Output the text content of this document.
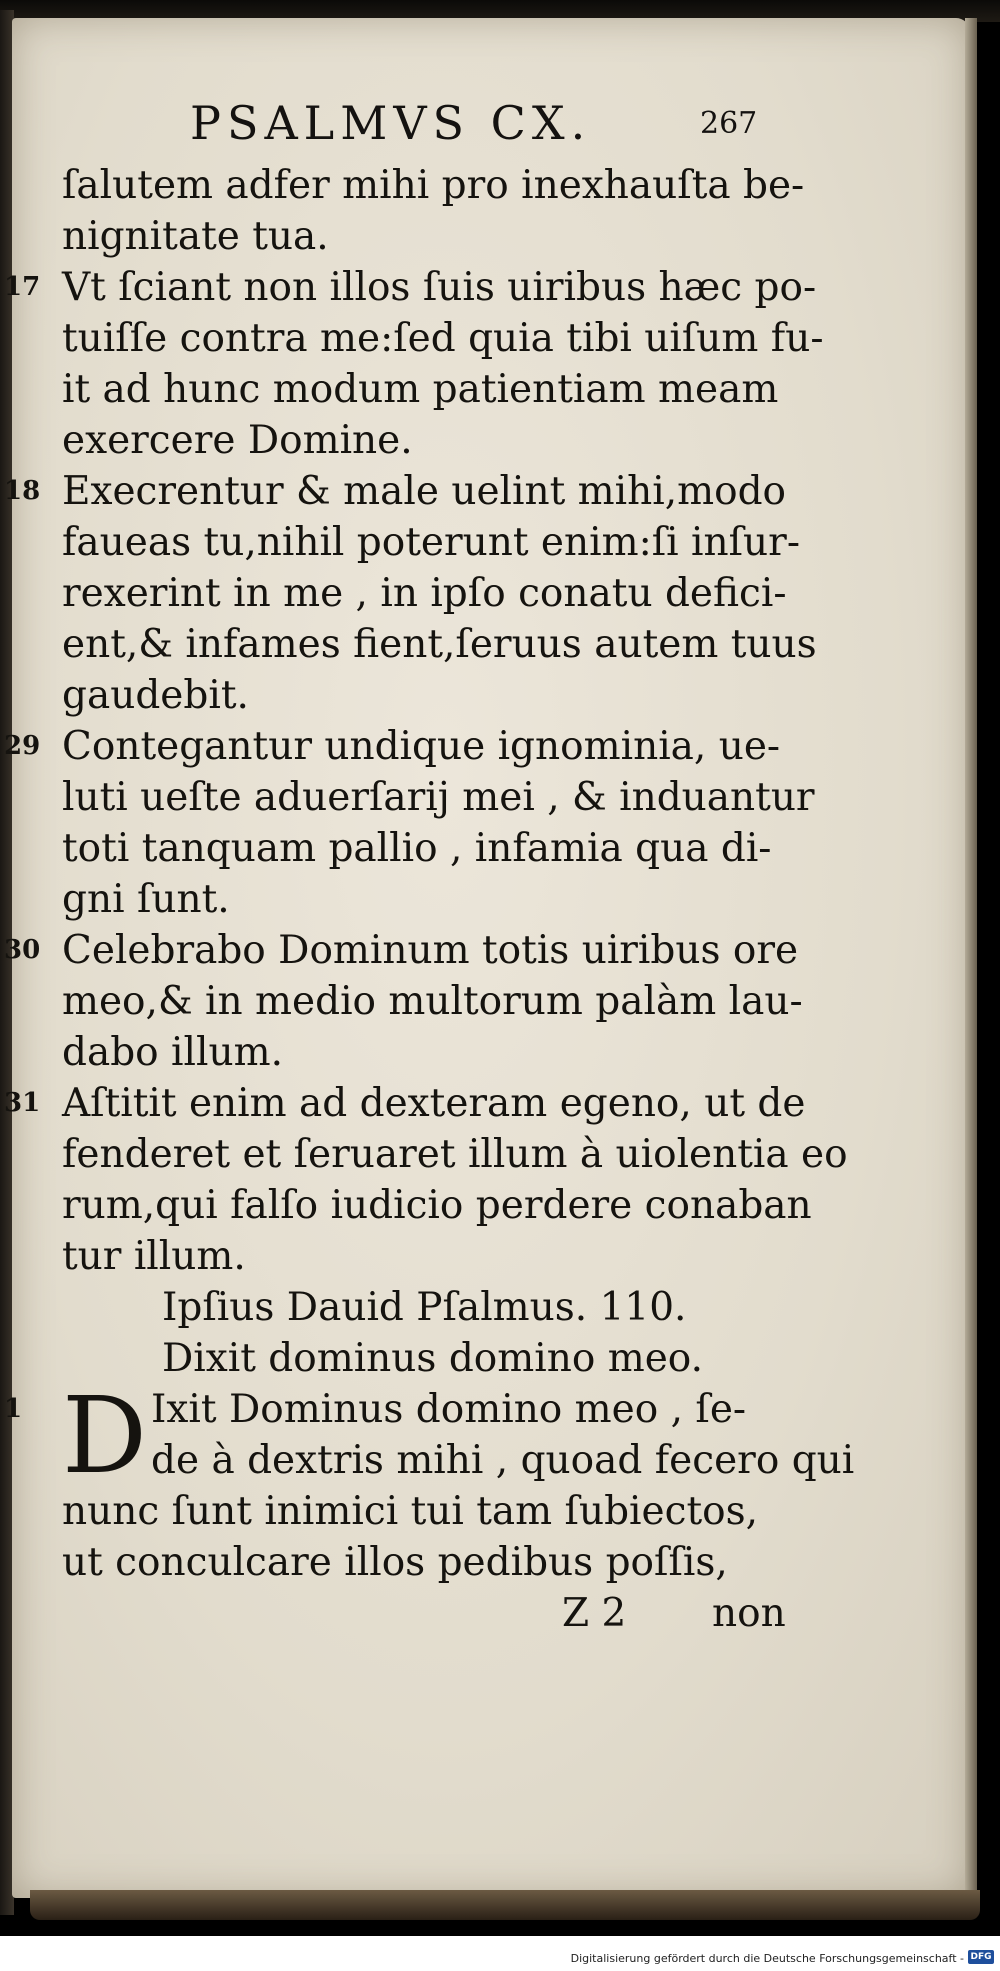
PSALMVS CX.	267
ſalutem adfer mihi pro inexhauſta be-
nignitate tua.
17 Vt ſciant non illos ſuis uiribus hæc po-
tuiſſe contra me:ſed quia tibi uiſum fu-
it ad hunc modum patientiam meam
exercere Domine.
18 Execrentur & male uelint mihi,modo
faueas tu,nihil poterunt enim:ſi inſur-
rexerint in me , in ipſo conatu defici-
ent,& infames fient,ſeruus autem tuus
gaudebit.
29 Contegantur undique ignominia, ue-
luti ueſte aduerſarij mei , & induantur
toti tanquam pallio , infamia qua di-
gni ſunt.
30 Celebrabo Dominum totis uiribus ore
meo,& in medio multorum palàm lau-
dabo illum.
31 Aſtitit enim ad dexteram egeno, ut de
fenderet et ſeruaret illum à uiolentia eo
rum,qui falſo iudicio perdere conaban
tur illum.
Ipſius Dauid Pſalmus. 110.
Dixit dominus domino meo.
1 D Ixit Dominus domino meo , ſe-
de à dextris mihi , quoad fecero qui
nunc ſunt inimici tui tam ſubiectos,
ut conculcare illos pedibus poſſis,
Z 2 non
Digitalisierung gefördert durch die Deutsche Forschungsgemeinschaft - DFG
